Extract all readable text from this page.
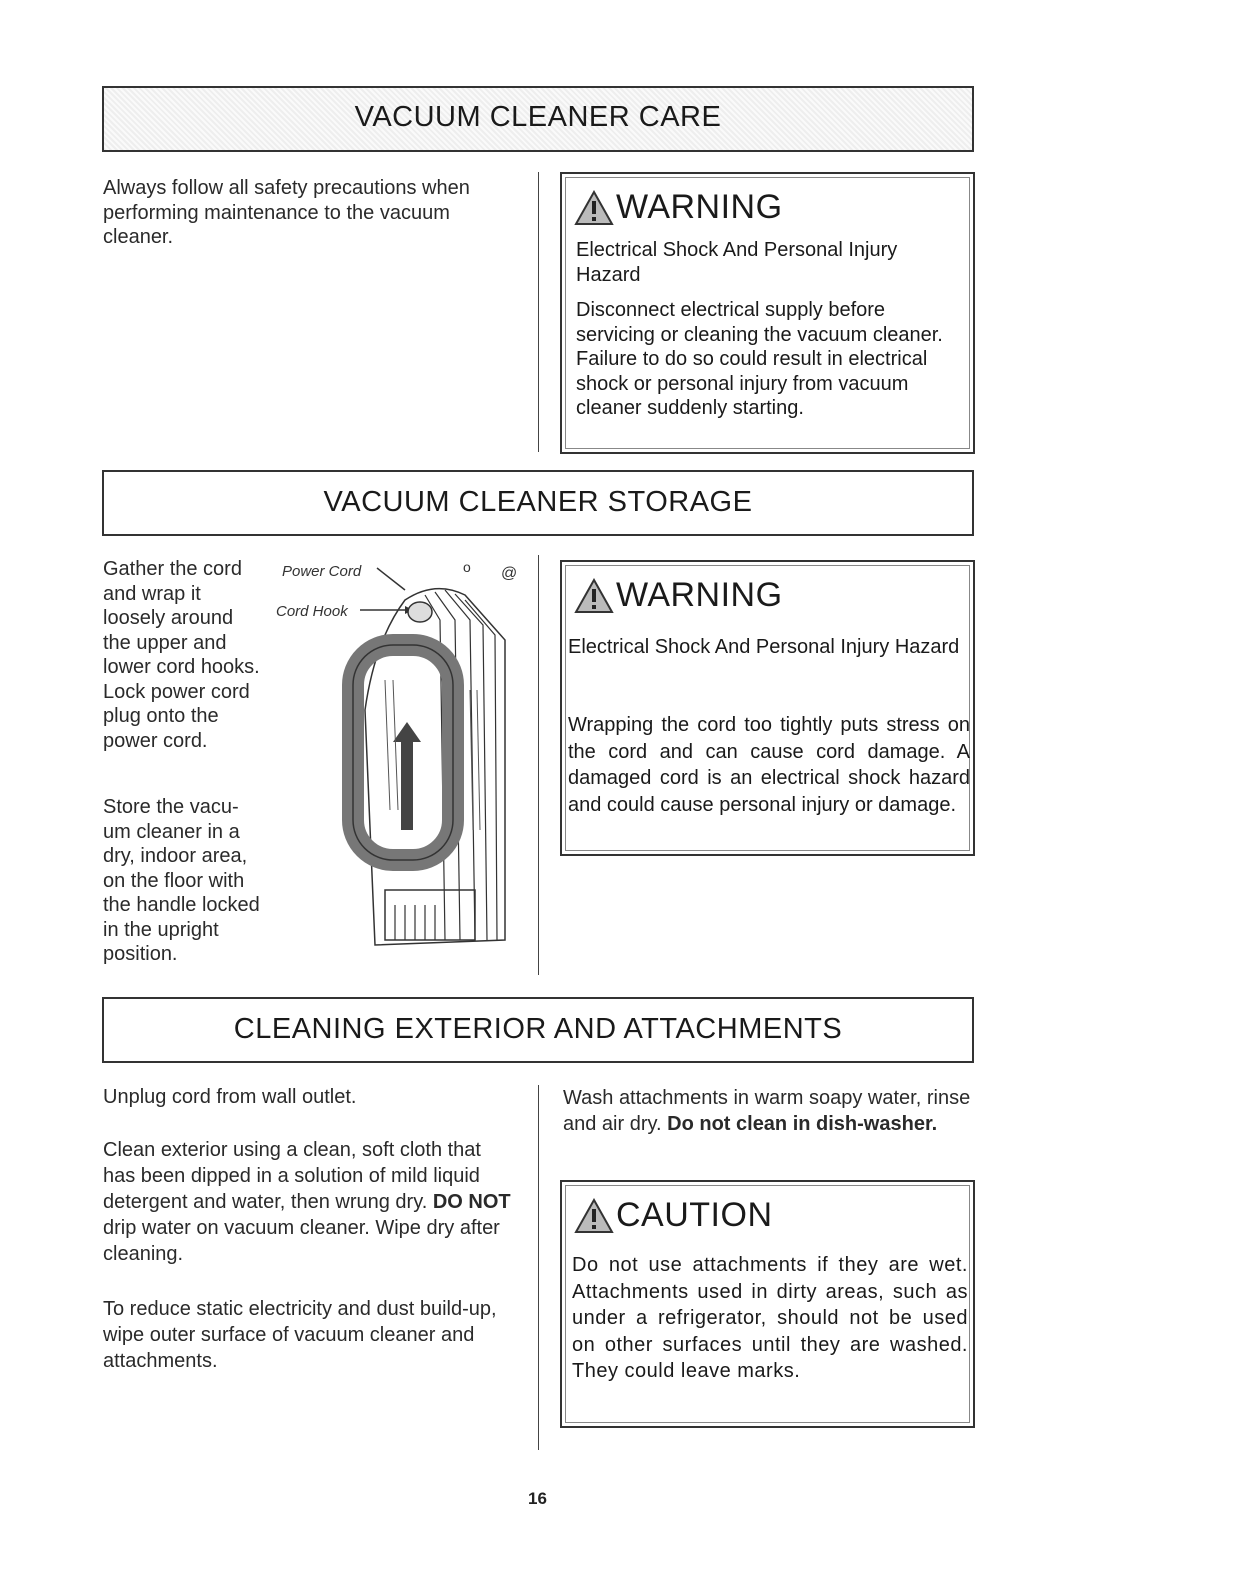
VACUUM CLEANER CARE
Always follow all safety precautions when performing maintenance to the vacuum cleaner.
WARNING
Electrical Shock And Personal Injury Hazard
Disconnect electrical supply before servicing or cleaning the vacuum cleaner. Failure to do so could result in electrical shock or personal injury from vacuum cleaner suddenly starting.
VACUUM CLEANER STORAGE
Gather the cord and wrap it loosely around the upper and lower cord hooks. Lock power cord plug onto the power cord.
Store the vacu-um cleaner in a dry, indoor area, on the floor with the handle locked in the upright position.
Power Cord
Cord Hook
o @
WARNING
Electrical Shock And Personal Injury Hazard
Wrapping the cord too tightly puts stress on the cord and can cause cord damage. A damaged cord is an electrical shock hazard and could cause personal injury or damage.
CLEANING EXTERIOR AND ATTACHMENTS
Unplug cord from wall outlet.
Clean exterior using a clean, soft cloth that has been dipped in a solution of mild liquid detergent and water, then wrung dry. DO NOT drip water on vacuum cleaner. Wipe dry after cleaning.
To reduce static electricity and dust build-up, wipe outer surface of vacuum cleaner and attachments.
Wash attachments in warm soapy water, rinse and air dry. Do not clean in dish-washer.
CAUTION
Do not use attachments if they are wet. Attachments used in dirty areas, such as under a refrigerator, should not be used on other surfaces until they are washed. They could leave marks.
16
